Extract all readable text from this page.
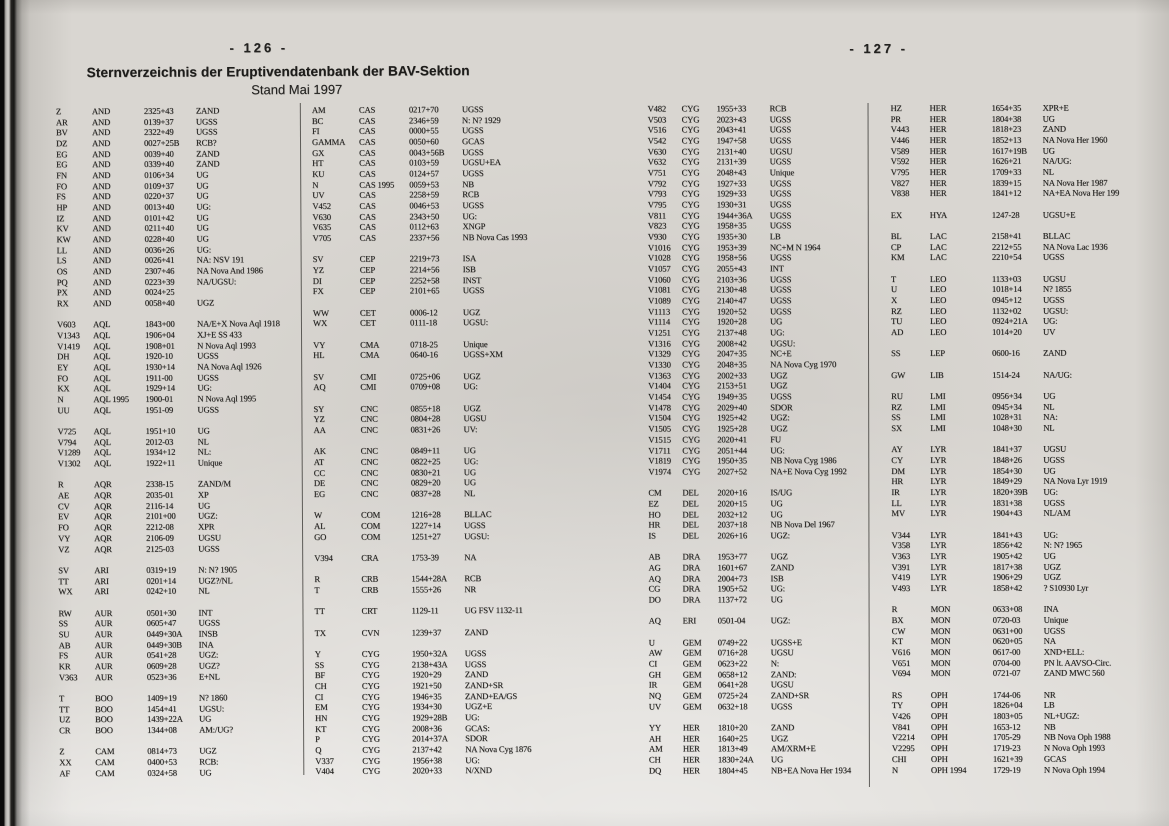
- 126 -
Sternverzeichnis der Eruptivendatenbank der BAV-Sektion
Stand Mai 1997
Z	AND	2325+43	ZAND
AR	AND	0139+37	UGSS
BV	AND	2322+49	UGSS
DZ	AND	0027+25B	RCB?
EG	AND	0039+40	ZAND
EG	AND	0339+40	ZAND
FN	AND	0106+34	UG
FO	AND	0109+37	UG
FS	AND	0220+37	UG
HP	AND	0013+40	UG:
IZ	AND	0101+42	UG
KV	AND	0211+40	UG
KW	AND	0228+40	UG
LL	AND	0036+26	UG:
LS	AND	0026+41	NA: NSV 191
OS	AND	2307+46	NA Nova And 1986
PQ	AND	0223+39	NA/UGSU:
PX	AND	0024+25
RX	AND	0058+40	UGZ
V603	AQL	1843+00	NA/E+X Nova Aql 1918
V1343	AQL	1906+04	XJ+E SS 433
V1419	AQL	1908+01	N Nova Aql 1993
DH	AQL	1920-10	UGSS
EY	AQL	1930+14	NA Nova Aql 1926
FO	AQL	1911-00	UGSS
KX	AQL	1929+14	UG:
N	AQL 1995	1900-01	N Nova Aql 1995
UU	AQL	1951-09	UGSS
V725	AQL	1951+10	UG
V794	AQL	2012-03	NL
V1289	AQL	1934+12	NL:
V1302	AQL	1922+11	Unique
R	AQR	2338-15	ZAND/M
AE	AQR	2035-01	XP
CV	AQR	2116-14	UG
EV	AQR	2101+00	UGZ:
FO	AQR	2212-08	XPR
VY	AQR	2106-09	UGSU
VZ	AQR	2125-03	UGSS
SV	ARI	0319+19	N: N? 1905
TT	ARI	0201+14	UGZ?/NL
WX	ARI	0242+10	NL
RW	AUR	0501+30	INT
SS	AUR	0605+47	UGSS
SU	AUR	0449+30A	INSB
AB	AUR	0449+30B	INA
FS	AUR	0541+28	UGZ:
KR	AUR	0609+28	UGZ?
V363	AUR	0523+36	E+NL
T	BOO	1409+19	N? 1860
TT	BOO	1454+41	UGSU:
UZ	BOO	1439+22A	UG
CR	BOO	1344+08	AM:/UG?
Z	CAM	0814+73	UGZ
XX	CAM	0400+53	RCB:
AF	CAM	0324+58	UG
AM	CAS	0217+70	UGSS
BC	CAS	2346+59	N: N? 1929
FI	CAS	0000+55	UGSS
GAMMA	CAS	0050+60	GCAS
GX	CAS	0043+56B	UGSS
HT	CAS	0103+59	UGSU+EA
KU	CAS	0124+57	UGSS
N	CAS 1995	0059+53	NB
UV	CAS	2258+59	RCB
V452	CAS	0046+53	UGSS
V630	CAS	2343+50	UG:
V635	CAS	0112+63	XNGP
V705	CAS	2337+56	NB Nova Cas 1993
SV	CEP	2219+73	ISA
YZ	CEP	2214+56	ISB
DI	CEP	2252+58	INST
FX	CEP	2101+65	UGSS
WW	CET	0006-12	UGZ
WX	CET	0111-18	UGSU:
VY	CMA	0718-25	Unique
HL	CMA	0640-16	UGSS+XM
SV	CMI	0725+06	UGZ
AQ	CMI	0709+08	UG:
SY	CNC	0855+18	UGZ
YZ	CNC	0804+28	UGSU
AA	CNC	0831+26	UV:
AK	CNC	0849+11	UG
AT	CNC	0822+25	UG:
CC	CNC	0830+21	UG
DE	CNC	0829+20	UG
EG	CNC	0837+28	NL
W	COM	1216+28	BLLAC
AL	COM	1227+14	UGSS
GO	COM	1251+27	UGSU:
V394	CRA	1753-39	NA
R	CRB	1544+28A	RCB
T	CRB	1555+26	NR
TT	CRT	1129-11	UG FSV 1132-11
TX	CVN	1239+37	ZAND
Y	CYG	1950+32A	UGSS
SS	CYG	2138+43A	UGSS
BF	CYG	1920+29	ZAND
CH	CYG	1921+50	ZAND+SR
CI	CYG	1946+35	ZAND+EA/GS
EM	CYG	1934+30	UGZ+E
HN	CYG	1929+28B	UG:
KT	CYG	2008+36	GCAS:
P	CYG	2014+37A	SDOR
Q	CYG	2137+42	NA Nova Cyg 1876
V337	CYG	1956+38	UG:
V404	CYG	2020+33	N/XND
- 127 -
V482	CYG	1955+33	RCB
V503	CYG	2023+43	UGSS
V516	CYG	2043+41	UGSS
V542	CYG	1947+58	UGSS
V630	CYG	2131+40	UGSU
V632	CYG	2131+39	UGSS
V751	CYG	2048+43	Unique
V792	CYG	1927+33	UGSS
V793	CYG	1929+33	UGSS
V795	CYG	1930+31	UGSS
V811	CYG	1944+36A	UGSS
V823	CYG	1958+35	UGSS
V930	CYG	1935+30	LB
V1016	CYG	1953+39	NC+M N 1964
V1028	CYG	1958+56	UGSS
V1057	CYG	2055+43	INT
V1060	CYG	2103+36	UGSS
V1081	CYG	2130+48	UGSS
V1089	CYG	2140+47	UGSS
V1113	CYG	1920+52	UGSS
V1114	CYG	1920+28	UG
V1251	CYG	2137+48	UG:
V1316	CYG	2008+42	UGSU:
V1329	CYG	2047+35	NC+E
V1330	CYG	2048+35	NA Nova Cyg 1970
V1363	CYG	2002+33	UGZ
V1404	CYG	2153+51	UGZ
V1454	CYG	1949+35	UGSS
V1478	CYG	2029+40	SDOR
V1504	CYG	1925+42	UGZ:
V1505	CYG	1925+28	UGZ
V1515	CYG	2020+41	FU
V1711	CYG	2051+44	UG:
V1819	CYG	1950+35	NB Nova Cyg 1986
V1974	CYG	2027+52	NA+E Nova Cyg 1992
CM	DEL	2020+16	IS/UG
EZ	DEL	2020+15	UG
HO	DEL	2032+12	UG
HR	DEL	2037+18	NB Nova Del 1967
IS	DEL	2026+16	UGZ:
AB	DRA	1953+77	UGZ
AG	DRA	1601+67	ZAND
AQ	DRA	2004+73	ISB
CG	DRA	1905+52	UG:
DO	DRA	1137+72	UG
AQ	ERI	0501-04	UGZ:
U	GEM	0749+22	UGSS+E
AW	GEM	0716+28	UGSU
CI	GEM	0623+22	N:
GH	GEM	0658+12	ZAND:
IR	GEM	0641+28	UGSU
NQ	GEM	0725+24	ZAND+SR
UV	GEM	0632+18	UGSS
YY	HER	1810+20	ZAND
AH	HER	1640+25	UGZ
AM	HER	1813+49	AM/XRM+E
CH	HER	1830+24A	UG
DQ	HER	1804+45	NB+EA Nova Her 1934
HZ	HER	1654+35	XPR+E
PR	HER	1804+38	UG
V443	HER	1818+23	ZAND
V446	HER	1852+13	NA Nova Her 1960
V589	HER	1617+19B	UG
V592	HER	1626+21	NA/UG:
V795	HER	1709+33	NL
V827	HER	1839+15	NA Nova Her 1987
V838	HER	1841+12	NA+EA Nova Her 199
EX	HYA	1247-28	UGSU+E
BL	LAC	2158+41	BLLAC
CP	LAC	2212+55	NA Nova Lac 1936
KM	LAC	2210+54	UGSS
T	LEO	1133+03	UGSU
U	LEO	1018+14	N? 1855
X	LEO	0945+12	UGSS
RZ	LEO	1132+02	UGSU:
TU	LEO	0924+21A	UG:
AD	LEO	1014+20	UV
SS	LEP	0600-16	ZAND
GW	LIB	1514-24	NA/UG:
RU	LMI	0956+34	UG
RZ	LMI	0945+34	NL
SS	LMI	1028+31	NA:
SX	LMI	1048+30	NL
AY	LYR	1841+37	UGSU
CY	LYR	1848+26	UGSS
DM	LYR	1854+30	UG
HR	LYR	1849+29	NA Nova Lyr 1919
IR	LYR	1820+39B	UG:
LL	LYR	1831+38	UGSS
MV	LYR	1904+43	NL/AM
V344	LYR	1841+43	UG:
V358	LYR	1856+42	N: N? 1965
V363	LYR	1905+42	UG
V391	LYR	1817+38	UGZ
V419	LYR	1906+29	UGZ
V493	LYR	1858+42	? S10930 Lyr
R	MON	0633+08	INA
BX	MON	0720-03	Unique
CW	MON	0631+00	UGSS
KT	MON	0620+05	NA
V616	MON	0617-00	XND+ELL:
V651	MON	0704-00	PN lt. AAVSO-Circ.
V694	MON	0721-07	ZAND MWC 560
RS	OPH	1744-06	NR
TY	OPH	1826+04	LB
V426	OPH	1803+05	NL+UGZ:
V841	OPH	1653-12	NB
V2214	OPH	1705-29	NB Nova Oph 1988
V2295	OPH	1719-23	N Nova Oph 1993
CHI	OPH	1621+39	GCAS
N	OPH 1994	1729-19	N Nova Oph 1994
